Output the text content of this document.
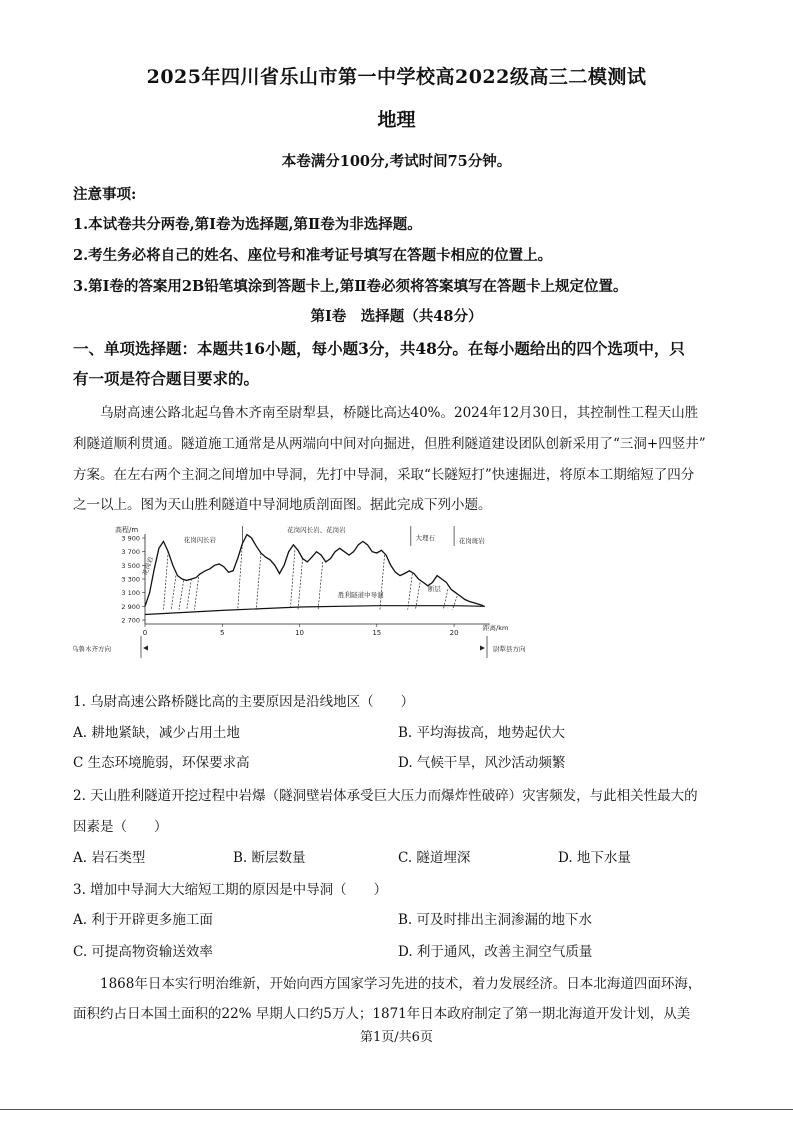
2025年四川省乐山市第一中学校高2022级高三二模测试
地理
本卷满分100分,考试时间75分钟。
注意事项:
1.本试卷共分两卷,第Ⅰ卷为选择题,第Ⅱ卷为非选择题。
2.考生务必将自己的姓名、座位号和准考证号填写在答题卡相应的位置上。
3.第Ⅰ卷的答案用2B铅笔填涂到答题卡上,第Ⅱ卷必须将答案填写在答题卡上规定位置。
第Ⅰ卷　选择题（共48分）
一、单项选择题：本题共16小题，每小题3分，共48分。在每小题给出的四个选项中，只
有一项是符合题目要求的。
　　乌尉高速公路北起乌鲁木齐南至尉犁县，桥隧比高达40%。2024年12月30日，其控制性工程天山胜
利隧道顺利贯通。隧道施工通常是从两端向中间对向掘进，但胜利隧道建设团队创新采用了“三洞+四竖井”
方案。在左右两个主洞之间增加中导洞，先打中导洞，采取“长隧短打”快速掘进，将原本工期缩短了四分
之一以上。图为天山胜利隧道中导洞地质剖面图。据此完成下列小题。
高程/m
3 900
3 700
3 500
3 300
3 100
2 900
2 700
0	5	10	15	20
距离/km
花岗闪长岩
花岗闪长岩、花岗岩
大理石	花岗斑岩
花岗岩
胜利隧道中导洞
断层
乌鲁木齐方向	尉犁县方向
1. 乌尉高速公路桥隧比高的主要原因是沿线地区（　　）
A. 耕地紧缺，减少占用土地	B. 平均海拔高，地势起伏大
C 生态环境脆弱，环保要求高	D. 气候干旱，风沙活动频繁
2. 天山胜利隧道开挖过程中岩爆（隧洞壁岩体承受巨大压力而爆炸性破碎）灾害频发，与此相关性最大的
因素是（　　）
A. 岩石类型	B. 断层数量	C. 隧道埋深	D. 地下水量
3. 增加中导洞大大缩短工期的原因是中导洞（　　）
A. 利于开辟更多施工面	B. 可及时排出主洞渗漏的地下水
C. 可提高物资输送效率	D. 利于通风，改善主洞空气质量
　　1868年日本实行明治维新，开始向西方国家学习先进的技术，着力发展经济。日本北海道四面环海，
面积约占日本国土面积的22% 早期人口约5万人；1871年日本政府制定了第一期北海道开发计划，从美
第1页/共6页
